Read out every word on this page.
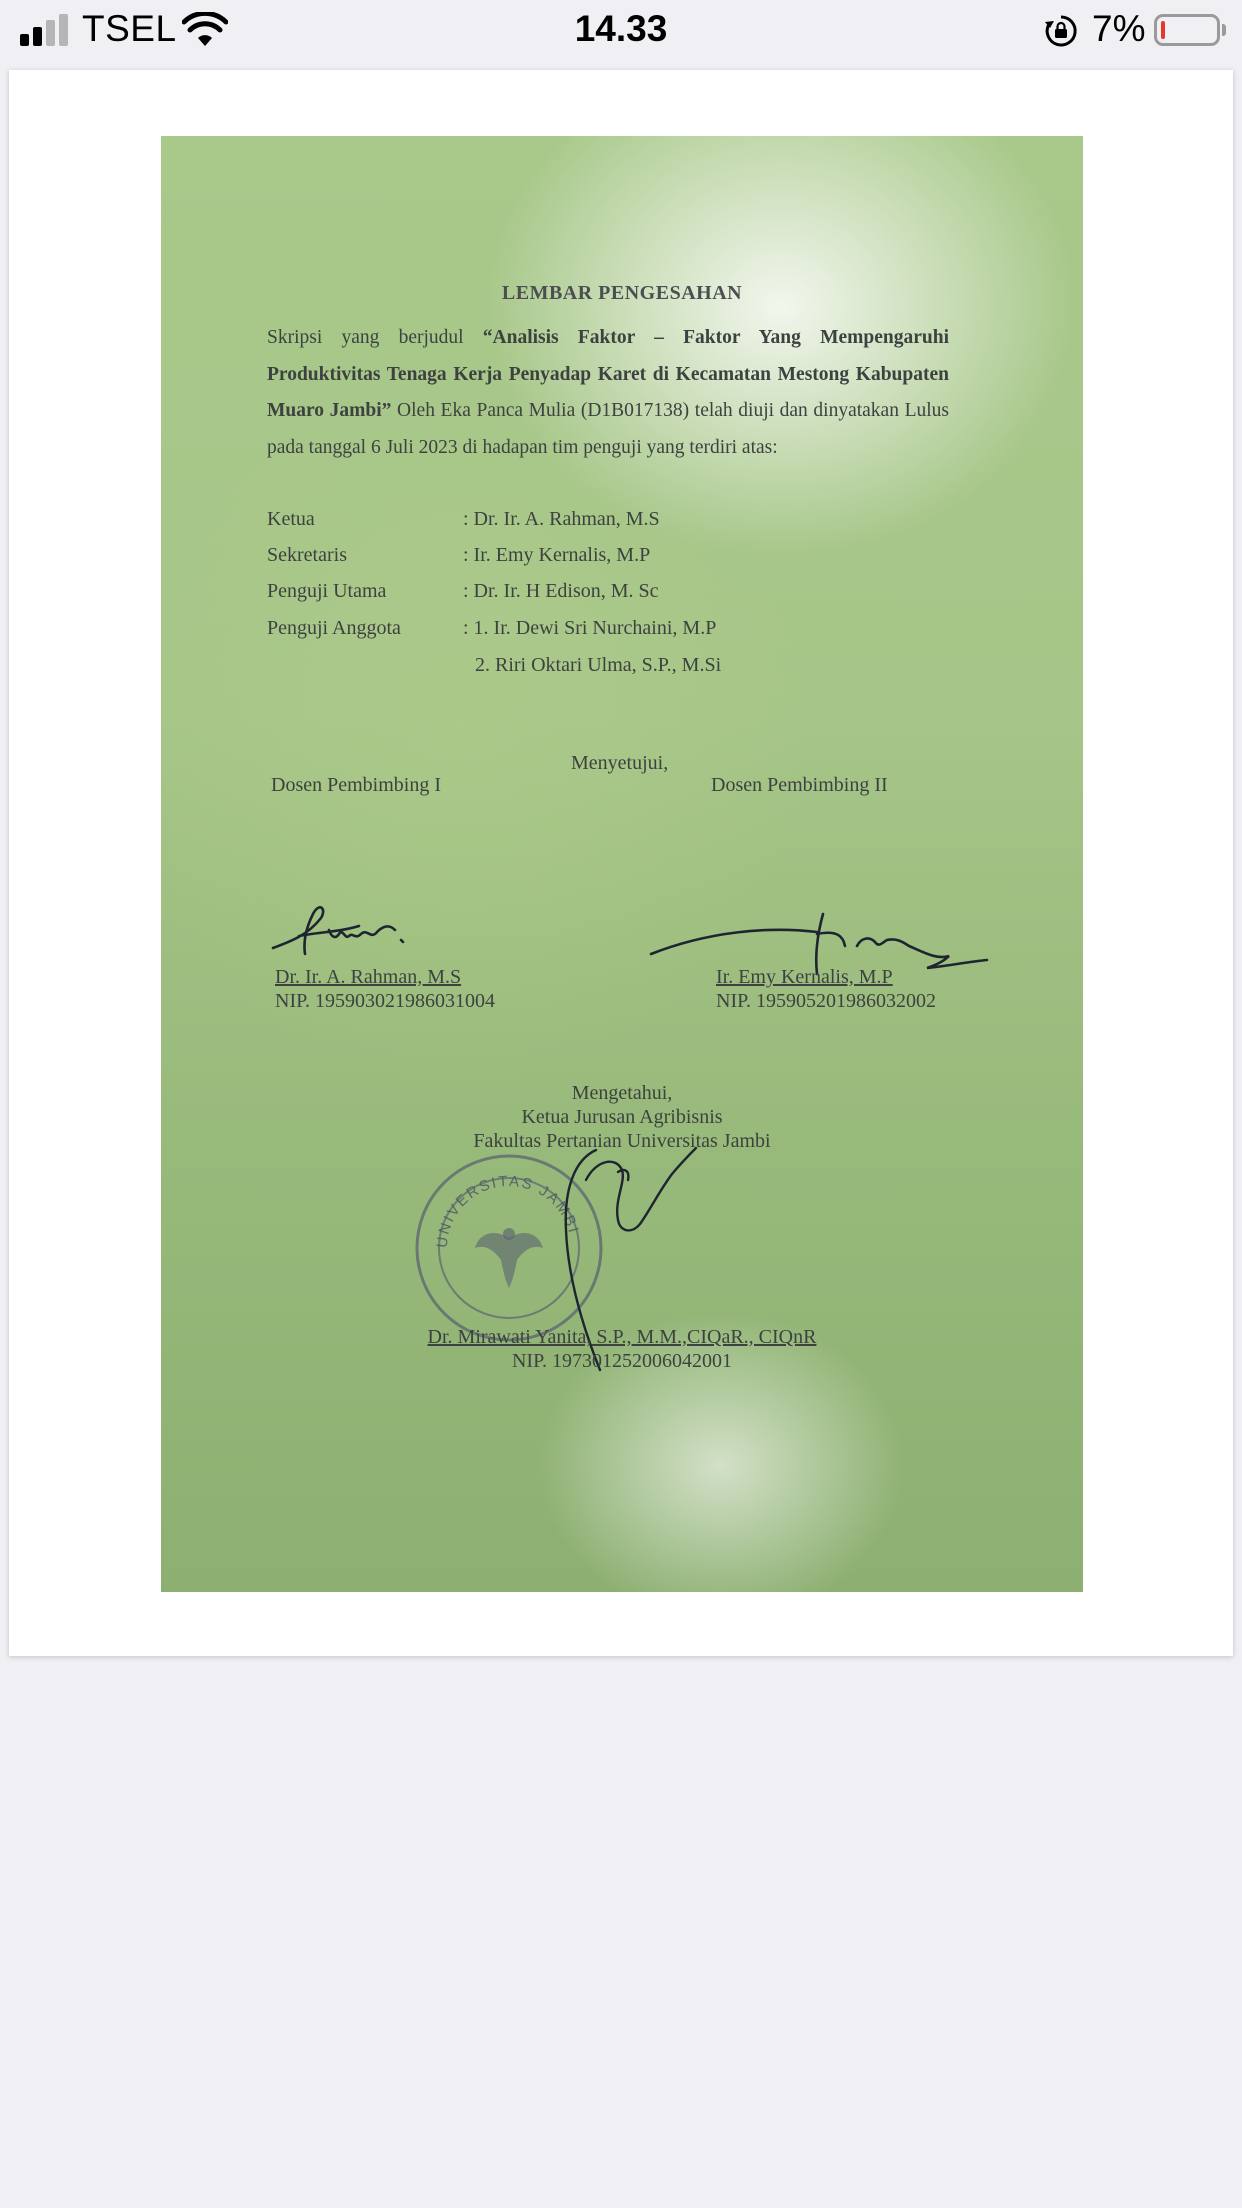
TSEL	14.33	7%
LEMBAR PENGESAHAN
Skripsi yang berjudul “Analisis Faktor – Faktor Yang Mempengaruhi Produktivitas Tenaga Kerja Penyadap Karet di Kecamatan Mestong Kabupaten Muaro Jambi” Oleh Eka Panca Mulia (D1B017138) telah diuji dan dinyatakan Lulus pada tanggal 6 Juli 2023 di hadapan tim penguji yang terdiri atas:
Ketua	: Dr. Ir. A. Rahman, M.S
Sekretaris	: Ir. Emy Kernalis, M.P
Penguji Utama	: Dr. Ir. H Edison, M. Sc
Penguji Anggota	: 1. Ir. Dewi Sri Nurchaini, M.P
2. Riri Oktari Ulma, S.P., M.Si
Menyetujui,
Dosen Pembimbing I	Dosen Pembimbing II
Dr. Ir. A. Rahman, M.S
NIP. 195903021986031004
Ir. Emy Kernalis, M.P
NIP. 195905201986032002
Mengetahui,
Ketua Jurusan Agribisnis
Fakultas Pertanian Universitas Jambi
UNIVERSITAS JAMBI
Dr. Mirawati Yanita, S.P., M.M.,CIQaR., CIQnR
NIP. 197301252006042001
